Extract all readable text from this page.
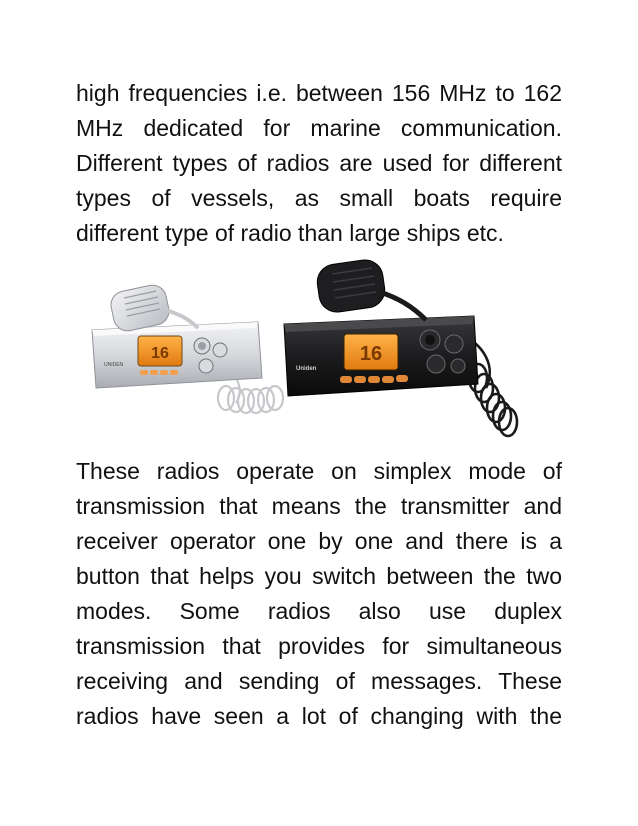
high frequencies i.e. between 156 MHz to 162
MHz dedicated for marine communication.
Different types of radios are used for different
types of vessels, as small boats require
different type of radio than large ships etc.
16
UNIDEN	16
Uniden
These radios operate on simplex mode of
transmission that means the transmitter and
receiver operator one by one and there is a
button that helps you switch between the two
modes. Some radios also use duplex
transmission that provides for simultaneous
receiving and sending of messages. These
radios have seen a lot of changing with the
